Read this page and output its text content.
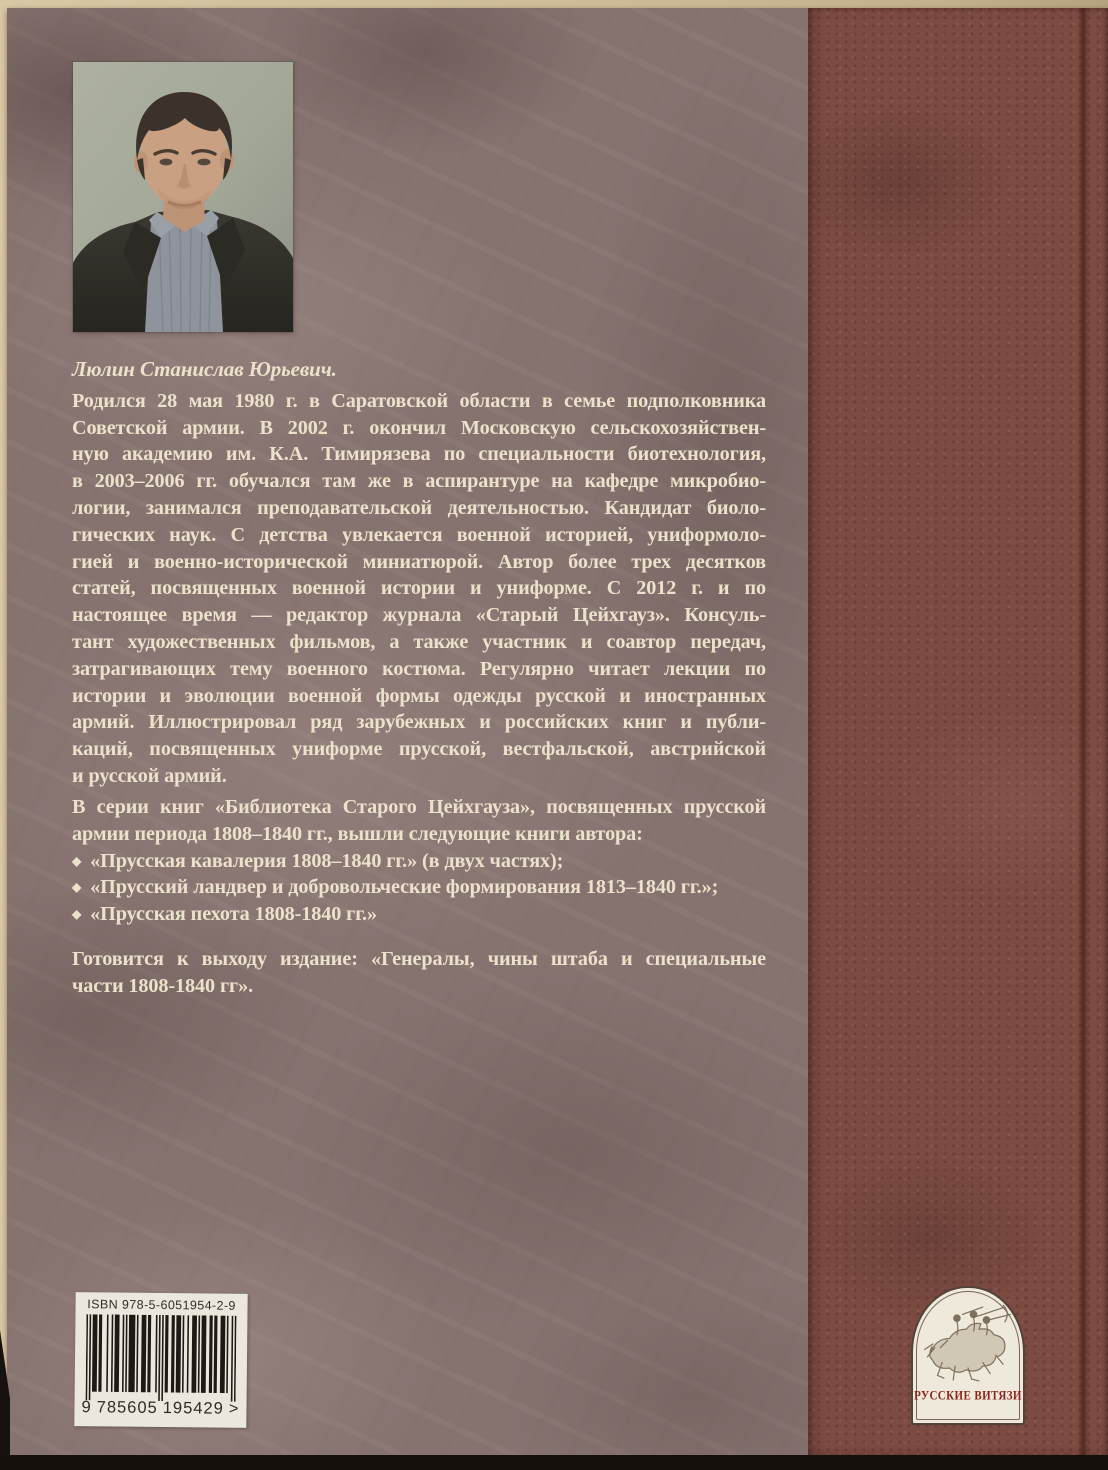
Люлин Станислав Юрьевич.
Родился 28 мая 1980 г. в Саратовской области в семье подполковника
Советской армии. В 2002 г. окончил Московскую сельскохозяйствен-
ную академию им. К.А. Тимирязева по специальности биотехнология,
в 2003–2006 гг. обучался там же в аспирантуре на кафедре микробио-
логии, занимался преподавательской деятельностью. Кандидат биоло-
гических наук. С детства увлекается военной историей, униформоло-
гией и военно-исторической миниатюрой. Автор более трех десятков
статей, посвященных военной истории и униформе. С 2012 г. и по
настоящее время — редактор журнала «Старый Цейхгауз». Консуль-
тант художественных фильмов, а также участник и соавтор передач,
затрагивающих тему военного костюма. Регулярно читает лекции по
истории и эволюции военной формы одежды русской и иностранных
армий. Иллюстрировал ряд зарубежных и российских книг и публи-
каций, посвященных униформе прусской, вестфальской, австрийской
и русской армий.
В серии книг «Библиотека Старого Цейхгауза», посвященных прусской
армии периода 1808–1840 гг., вышли следующие книги автора:
◆ «Прусская кавалерия 1808–1840 гг.» (в двух частях);
◆ «Прусский ландвер и добровольческие формирования 1813–1840 гг.»;
◆ «Прусская пехота 1808-1840 гг.»
Готовится к выходу издание: «Генералы, чины штаба и специальные
части 1808-1840 гг».
ISBN 978-5-6051954-2-9
9 785605 195429 >
РУССКИЕ ВИТЯЗИ
